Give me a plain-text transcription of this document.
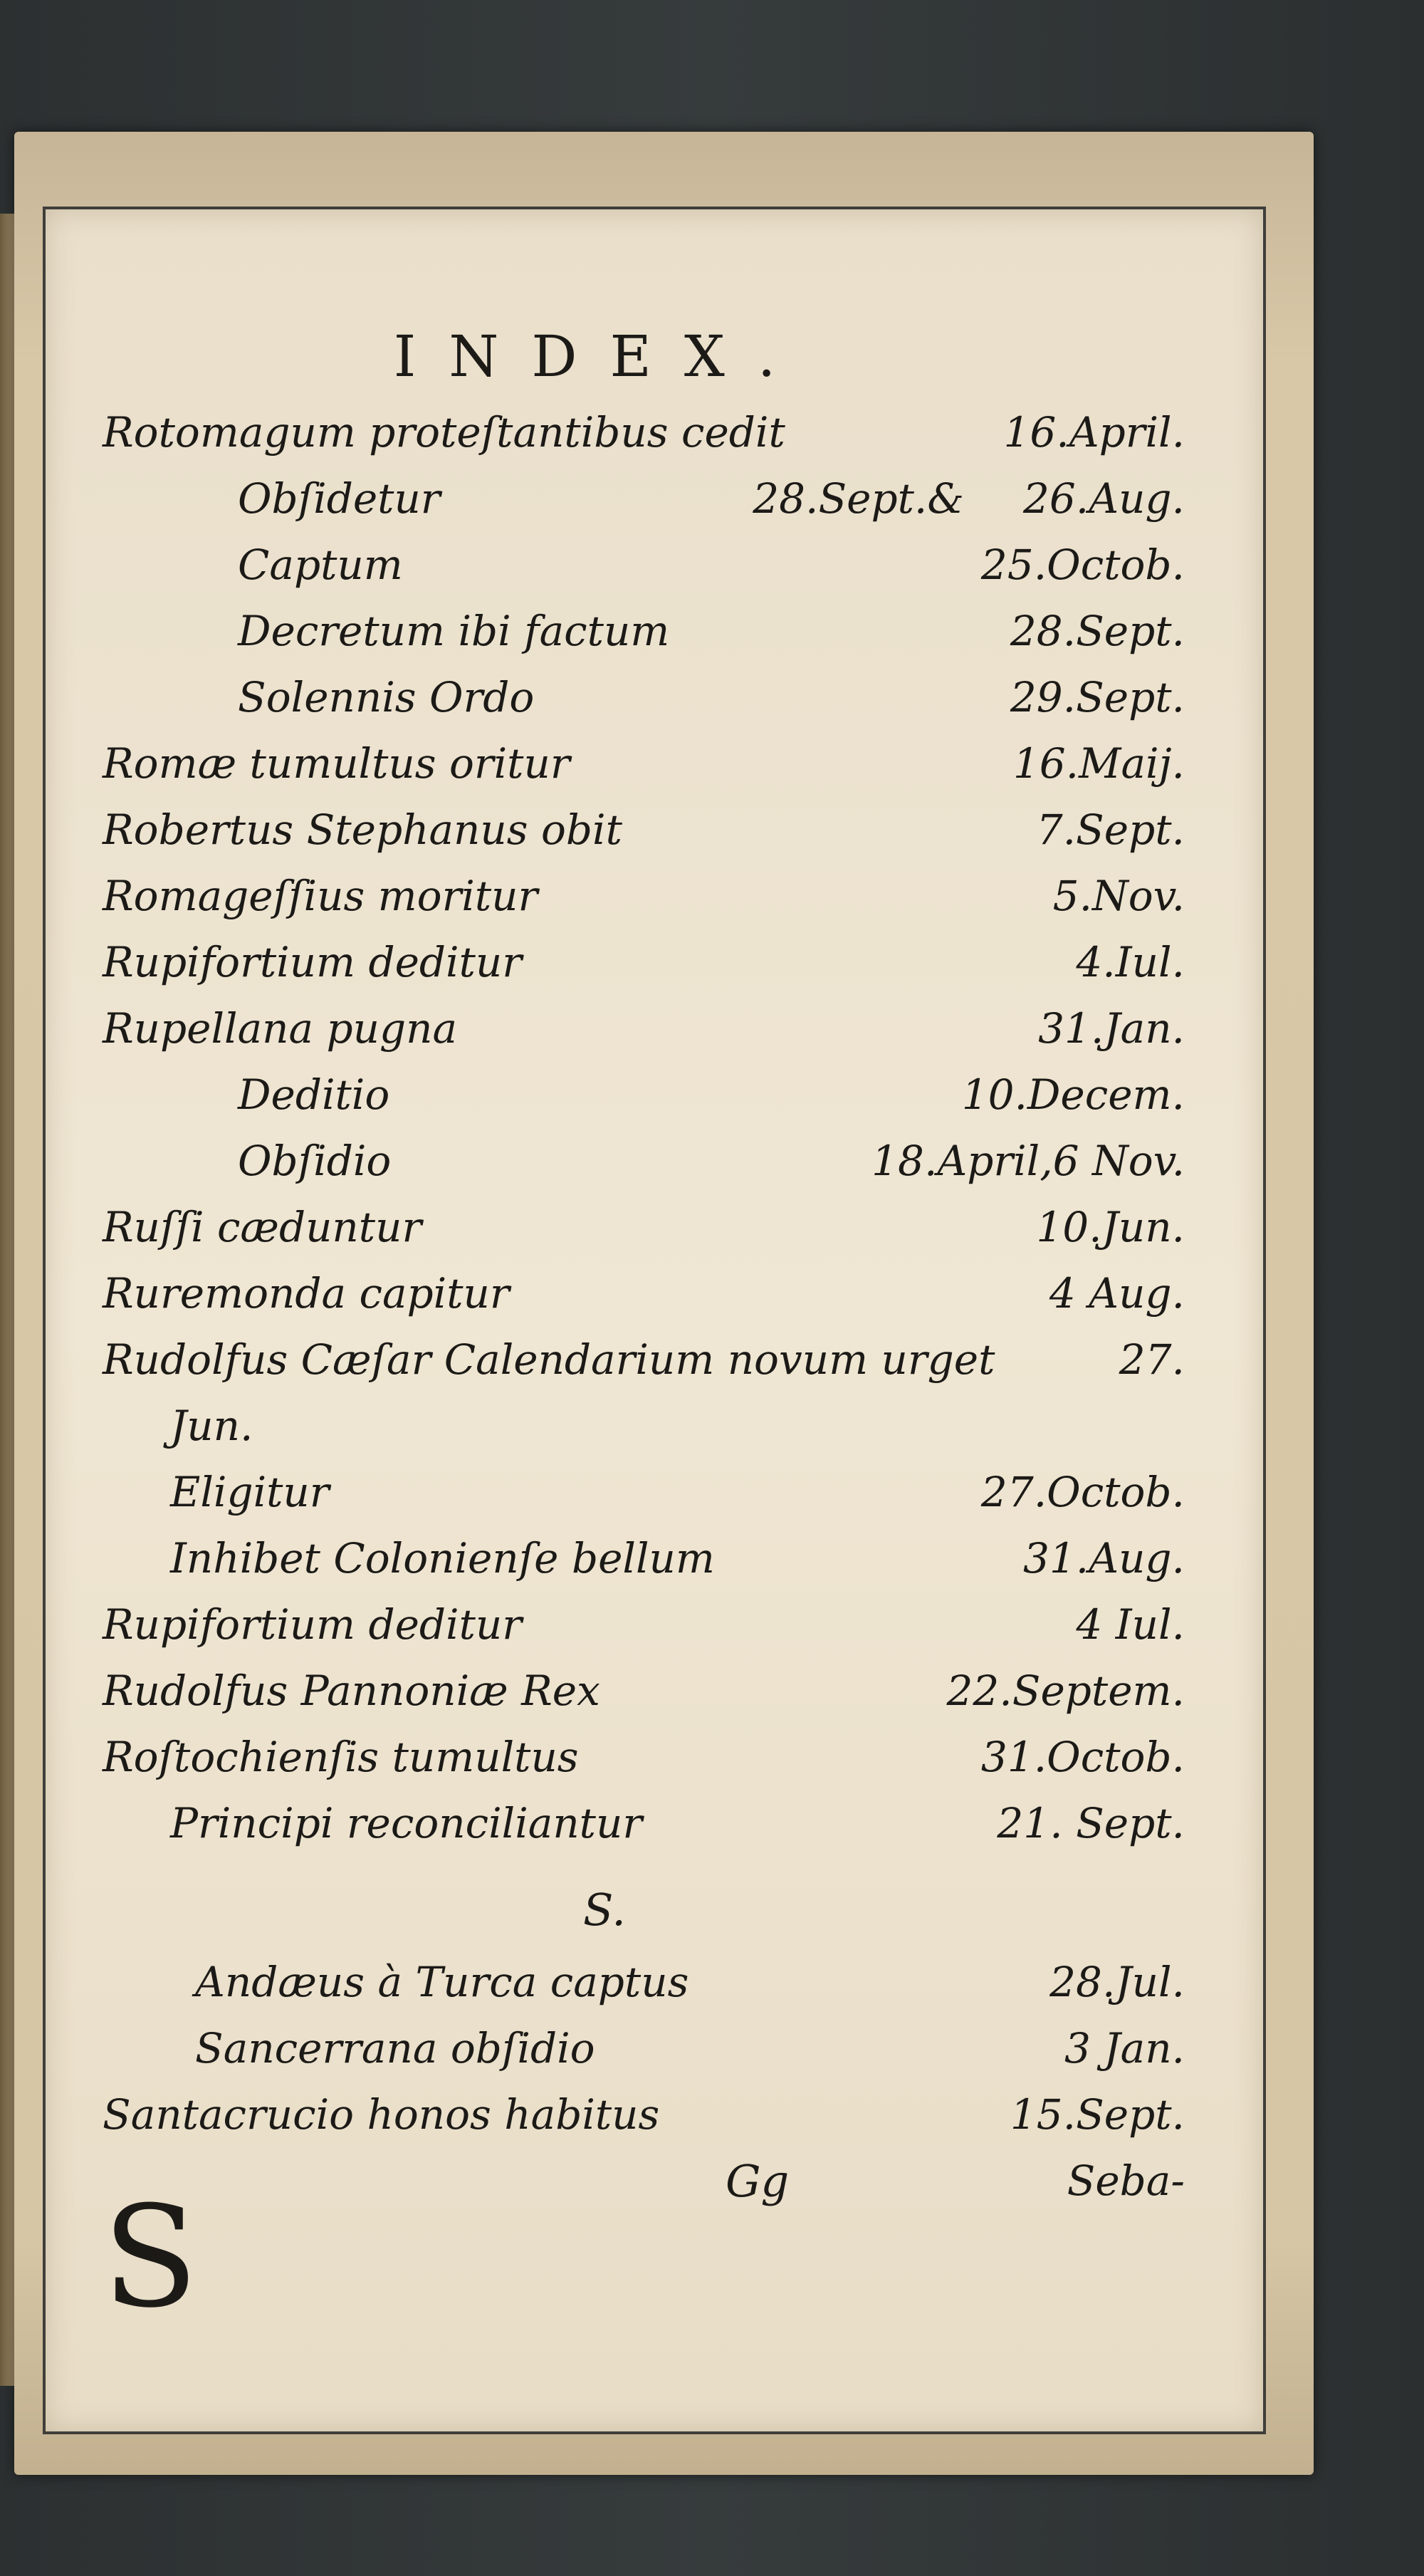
INDEX.
Rotomagum proteſtantibus cedit	16.April.
Obſidetur	28.Sept.& 26.Aug.
Captum	25.Octob.
Decretum ibi factum	28.Sept.
Solennis Ordo	29.Sept.
Romæ tumultus oritur	16.Maij.
Robertus Stephanus obit	7.Sept.
Romageſſius moritur	5.Nov.
Rupifortium deditur	4.Iul.
Rupellana pugna	31.Jan.
Deditio	10.Decem.
Obſidio	18.April,6 Nov.
Ruſſi cæduntur	10.Jun.
Ruremonda capitur	4 Aug.
Rudolfus Cæſar Calendarium novum urget	27.
Jun.
Eligitur	27.Octob.
Inhibet Colonienſe bellum	31.Aug.
Rupifortium deditur	4 Iul.
Rudolfus Pannoniæ Rex	22.Septem.
Roſtochienſis tumultus	31.Octob.
Principi reconciliantur	21. Sept.
S.
S
Andæus à Turca captus	28.Jul.
Sancerrana obſidio	3 Jan.
Santacrucio honos habitus	15.Sept.
Gg	Seba-
